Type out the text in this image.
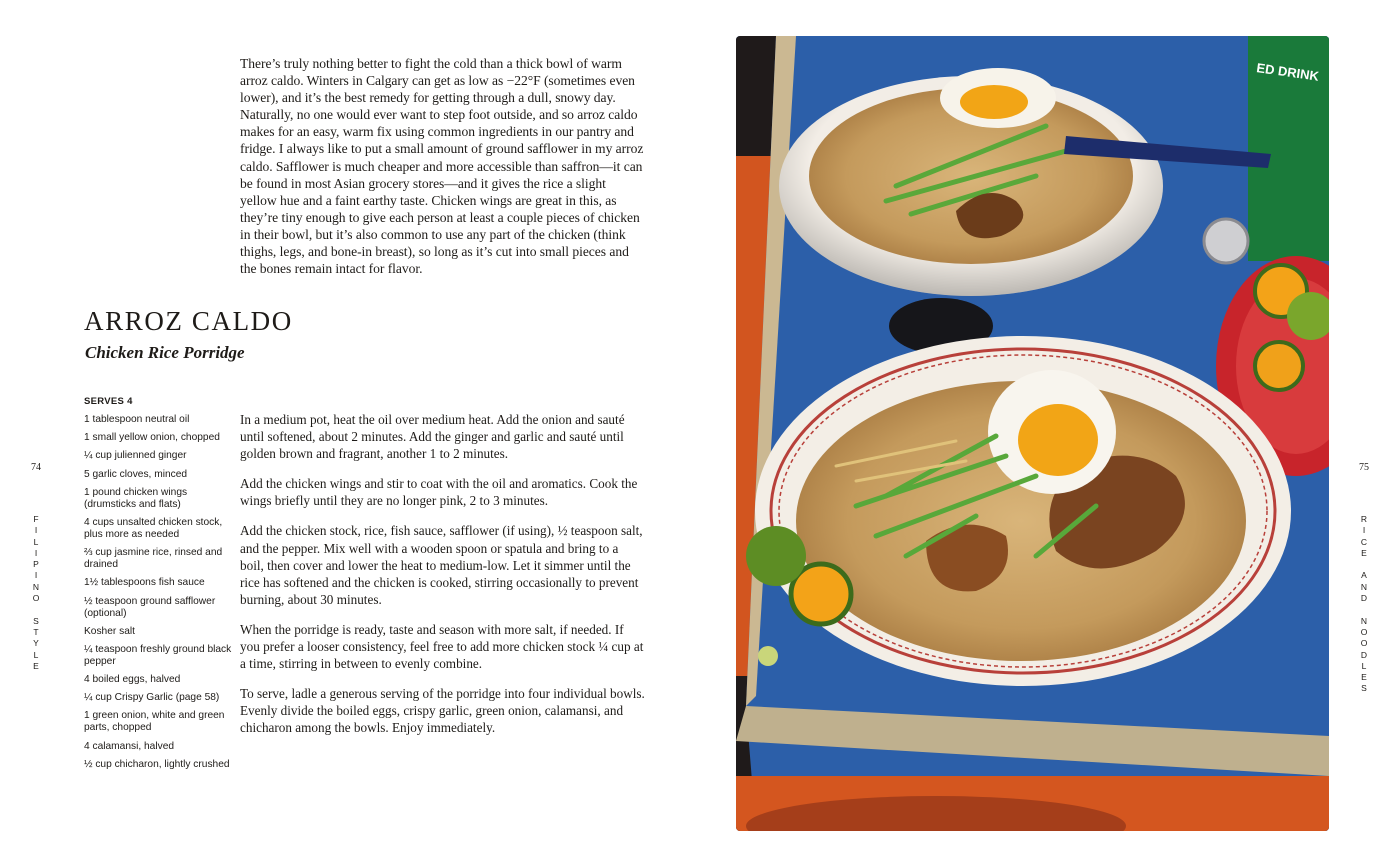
There’s truly nothing better to fight the cold than a thick bowl of warm arroz caldo. Winters in Calgary can get as low as −22°F (sometimes even lower), and it’s the best remedy for getting through a dull, snowy day. Naturally, no one would ever want to step foot outside, and so arroz caldo makes for an easy, warm fix using common ingredients in our pantry and fridge. I always like to put a small amount of ground safflower in my arroz caldo. Safflower is much cheaper and more accessible than saffron—it can be found in most Asian grocery stores—and it gives the rice a slight yellow hue and a faint earthy taste. Chicken wings are great in this, as they’re tiny enough to give each person at least a couple pieces of chicken in their bowl, but it’s also common to use any part of the chicken (think thighs, legs, and bone-in breast), so long as it’s cut into small pieces and the bones remain intact for flavor.

ARROZ CALDO
Chicken Rice Porridge

SERVES 4

1 tablespoon neutral oil
1 small yellow onion, chopped
¼ cup julienned ginger
5 garlic cloves, minced
1 pound chicken wings (drumsticks and flats)
4 cups unsalted chicken stock, plus more as needed
⅔ cup jasmine rice, rinsed and drained
1½ tablespoons fish sauce
½ teaspoon ground safflower (optional)
Kosher salt
¼ teaspoon freshly ground black pepper
4 boiled eggs, halved
¼ cup Crispy Garlic (page 58)
1 green onion, white and green parts, chopped
4 calamansi, halved
½ cup chicharon, lightly crushed

In a medium pot, heat the oil over medium heat. Add the onion and sauté until softened, about 2 minutes. Add the ginger and garlic and sauté until golden brown and fragrant, another 1 to 2 minutes.

Add the chicken wings and stir to coat with the oil and aromatics. Cook the wings briefly until they are no longer pink, 2 to 3 minutes.

Add the chicken stock, rice, fish sauce, safflower (if using), ½ teaspoon salt, and the pepper. Mix well with a wooden spoon or spatula and bring to a boil, then cover and lower the heat to medium-low. Let it simmer until the rice has softened and the chicken is cooked, stirring occasionally to prevent burning, about 30 minutes.

When the porridge is ready, taste and season with more salt, if needed. If you prefer a looser consistency, feel free to add more chicken stock ¼ cup at a time, stirring in between to evenly combine.

To serve, ladle a generous serving of the porridge into four individual bowls. Evenly divide the boiled eggs, crispy garlic, green onion, calamansi, and chicharon among the bowls. Enjoy immediately.

74
F
I
L
I
P
I
N
O

S
T
Y
L
E
75
R
I
C
E

A
N
D

N
O
O
D
L
E
S
ED DRINK
